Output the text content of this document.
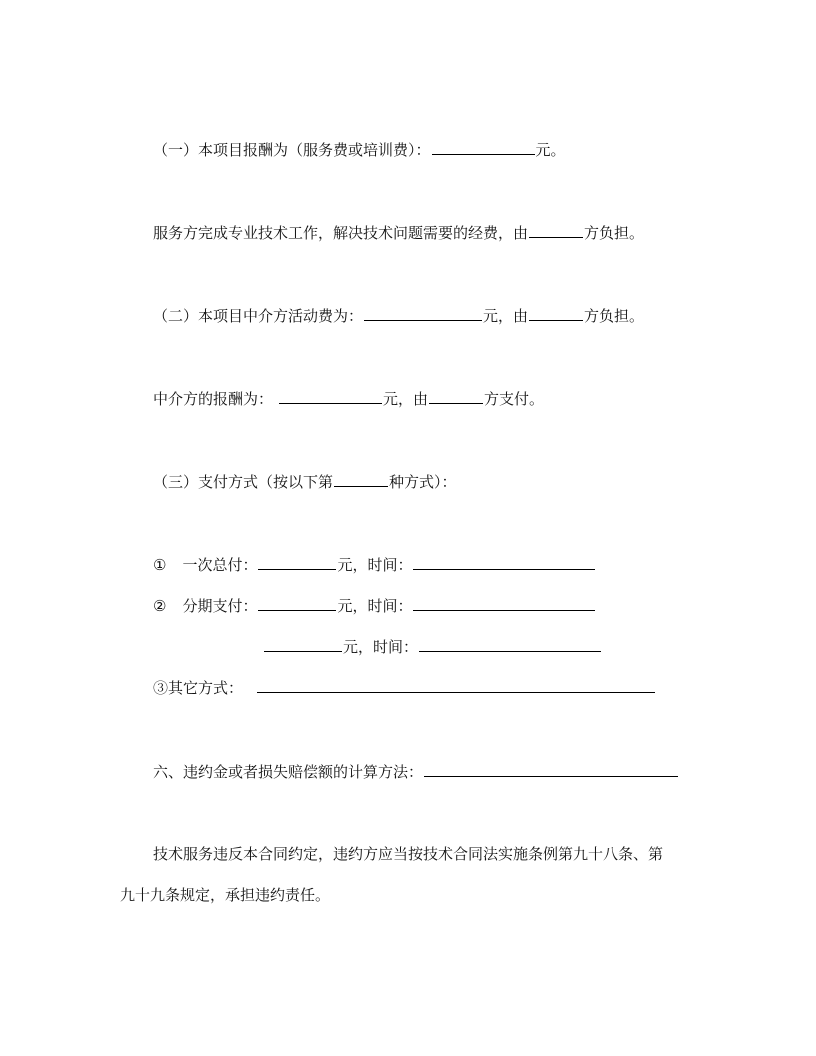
（一）本项目报酬为（服务费或培训费）：	元。
服务方完成专业技术工作，解决技术问题需要的经费，由	方负担。
（二）本项目中介方活动费为：	元，由	方负担。
中介方的报酬为：	元，由	方支付。
（三）支付方式（按以下第	种方式）：
① 一次总付：	元，时间：
② 分期支付：	元，时间：
元，时间：
③其它方式：
六、违约金或者损失赔偿额的计算方法：
技术服务违反本合同约定，违约方应当按技术合同法实施条例第九十八条、第
九十九条规定，承担违约责任。
